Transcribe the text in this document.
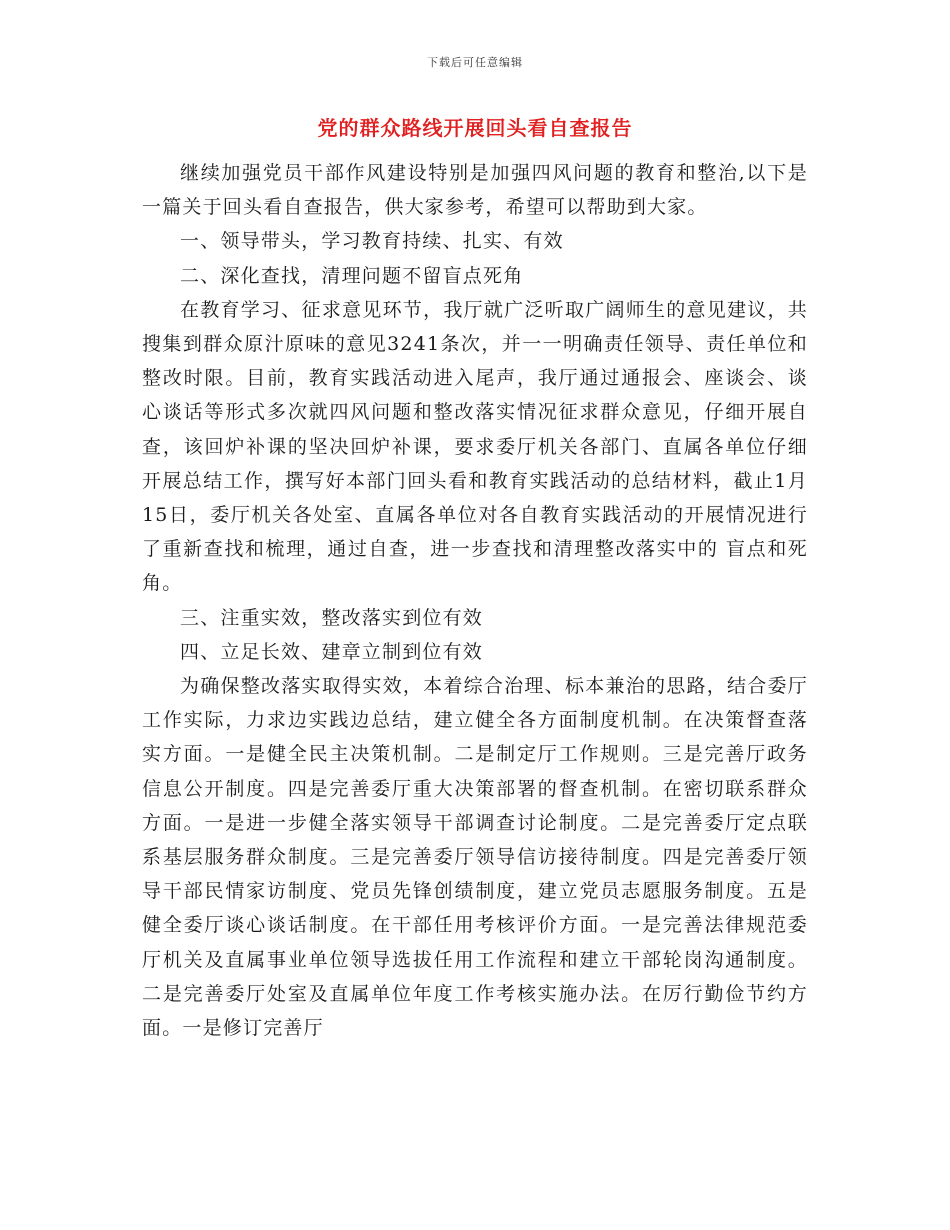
下载后可任意编辑
党的群众路线开展回头看自查报告

继续加强党员干部作风建设特别是加强四风问题的教育和整治,以下是一篇关于回头看自查报告，供大家参考，希望可以帮助到大家。

一、领导带头，学习教育持续、扎实、有效

二、深化查找，清理问题不留盲点死角

在教育学习、征求意见环节，我厅就广泛听取广阔师生的意见建议，共搜集到群众原汁原味的意见3241条次，并一一明确责任领导、责任单位和整改时限。目前，教育实践活动进入尾声，我厅通过通报会、座谈会、谈心谈话等形式多次就四风问题和整改落实情况征求群众意见，仔细开展自查，该回炉补课的坚决回炉补课，要求委厅机关各部门、直属各单位仔细开展总结工作，撰写好本部门回头看和教育实践活动的总结材料，截止1月15日，委厅机关各处室、直属各单位对各自教育实践活动的开展情况进行了重新查找和梳理，通过自查，进一步查找和清理整改落实中的 盲点和死角。

三、注重实效，整改落实到位有效

四、立足长效、建章立制到位有效

为确保整改落实取得实效，本着综合治理、标本兼治的思路，结合委厅工作实际，力求边实践边总结，建立健全各方面制度机制。在决策督查落实方面。一是健全民主决策机制。二是制定厅工作规则。三是完善厅政务信息公开制度。四是完善委厅重大决策部署的督查机制。在密切联系群众方面。一是进一步健全落实领导干部调查讨论制度。二是完善委厅定点联系基层服务群众制度。三是完善委厅领导信访接待制度。四是完善委厅领导干部民情家访制度、党员先锋创绩制度，建立党员志愿服务制度。五是健全委厅谈心谈话制度。在干部任用考核评价方面。一是完善法律规范委厅机关及直属事业单位领导选拔任用工作流程和建立干部轮岗沟通制度。二是完善委厅处室及直属单位年度工作考核实施办法。在厉行勤俭节约方面。一是修订完善厅
